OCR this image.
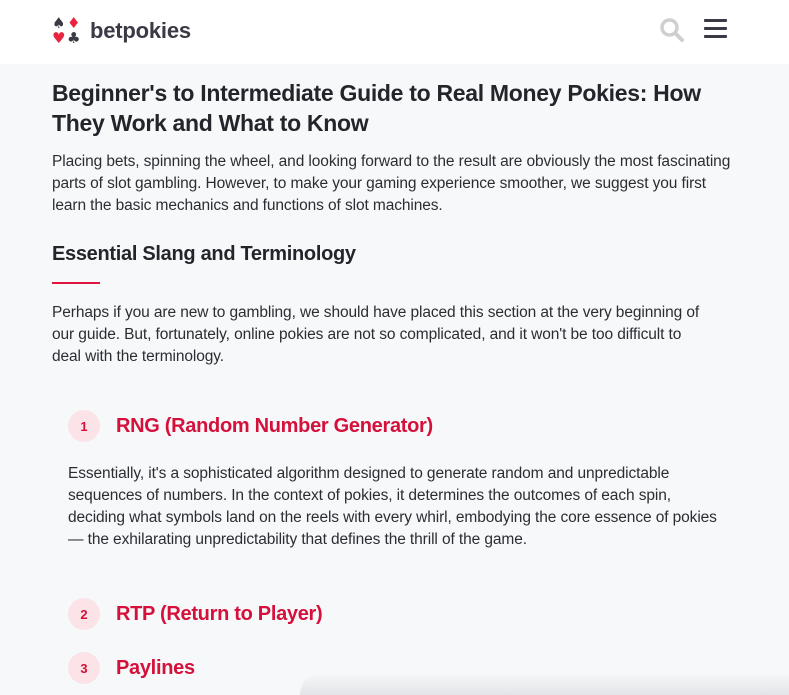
♠ ♦
♥ ♣ betpokies
Beginner's to Intermediate Guide to Real Money Pokies: How They Work and What to Know

Placing bets, spinning the wheel, and looking forward to the result are obviously the most fascinating parts of slot gambling. However, to make your gaming experience smoother, we suggest you first learn the basic mechanics and functions of slot machines.

Essential Slang and Terminology

Perhaps if you are new to gambling, we should have placed this section at the very beginning of our guide. But, fortunately, online pokies are not so complicated, and it won't be too difficult to deal with the terminology.

1	RNG (Random Number Generator)

Essentially, it's a sophisticated algorithm designed to generate random and unpredictable sequences of numbers. In the context of pokies, it determines the outcomes of each spin, deciding what symbols land on the reels with every whirl, embodying the core essence of pokies — the exhilarating unpredictability that defines the thrill of the game.

2	RTP (Return to Player)
3	Paylines
